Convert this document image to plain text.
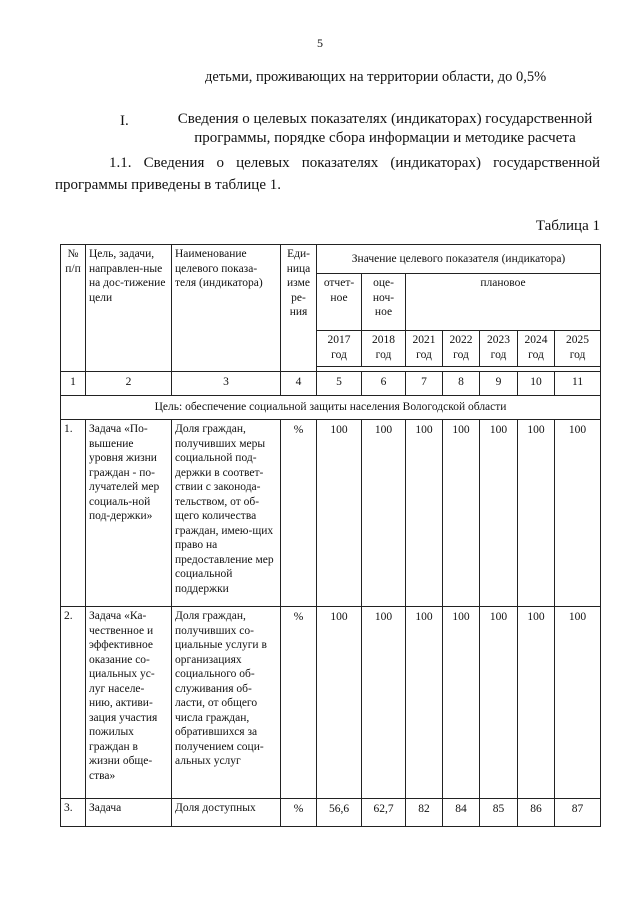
5
детьми, проживающих на территории области, до 0,5%
I.	Сведения о целевых показателях (индикаторах) государственной
программы, порядке сбора информации и методике расчета
1.1. Сведения о целевых показателях (индикаторах) государственной программы приведены в таблице 1.
Таблица 1
№ п/п	Цель, задачи, направлен-ные на дос-тижение цели	Наименование целевого показа-теля (индикатора)	Еди-ница изме ре-ния	Значение целевого показателя (индикатора)						
				отчет-ное	оце-ноч-ное	плановое				
				2017 год	2018 год	2021 год	2022 год	2023 год	2024 год	2025 год

1	2	3	4	5	6	7	8	9	10	11
Цель: обеспечение социальной защиты населения Вологодской области										
1.	Задача «По-вышение уровня жизни граждан - по-лучателей мер социаль-ной под-держки»	Доля граждан, получивших меры социальной под-держки в соответ-ствии с законода-тельством, от об-щего количества граждан, имею-щих право на предоставление мер социальной поддержки	%	100	100	100	100	100	100	100
2.	Задача «Ка-чественное и эффективное оказание со-циальных ус-луг населе-нию, активи-зация участия пожилых граждан в жизни обще-ства»	Доля граждан, получивших со-циальные услуги в организациях социального об-служивания об-ласти, от общего числа граждан, обратившихся за получением соци-альных услуг	%	100	100	100	100	100	100	100
3.	Задача	Доля доступных	%	56,6	62,7	82	84	85	86	87
